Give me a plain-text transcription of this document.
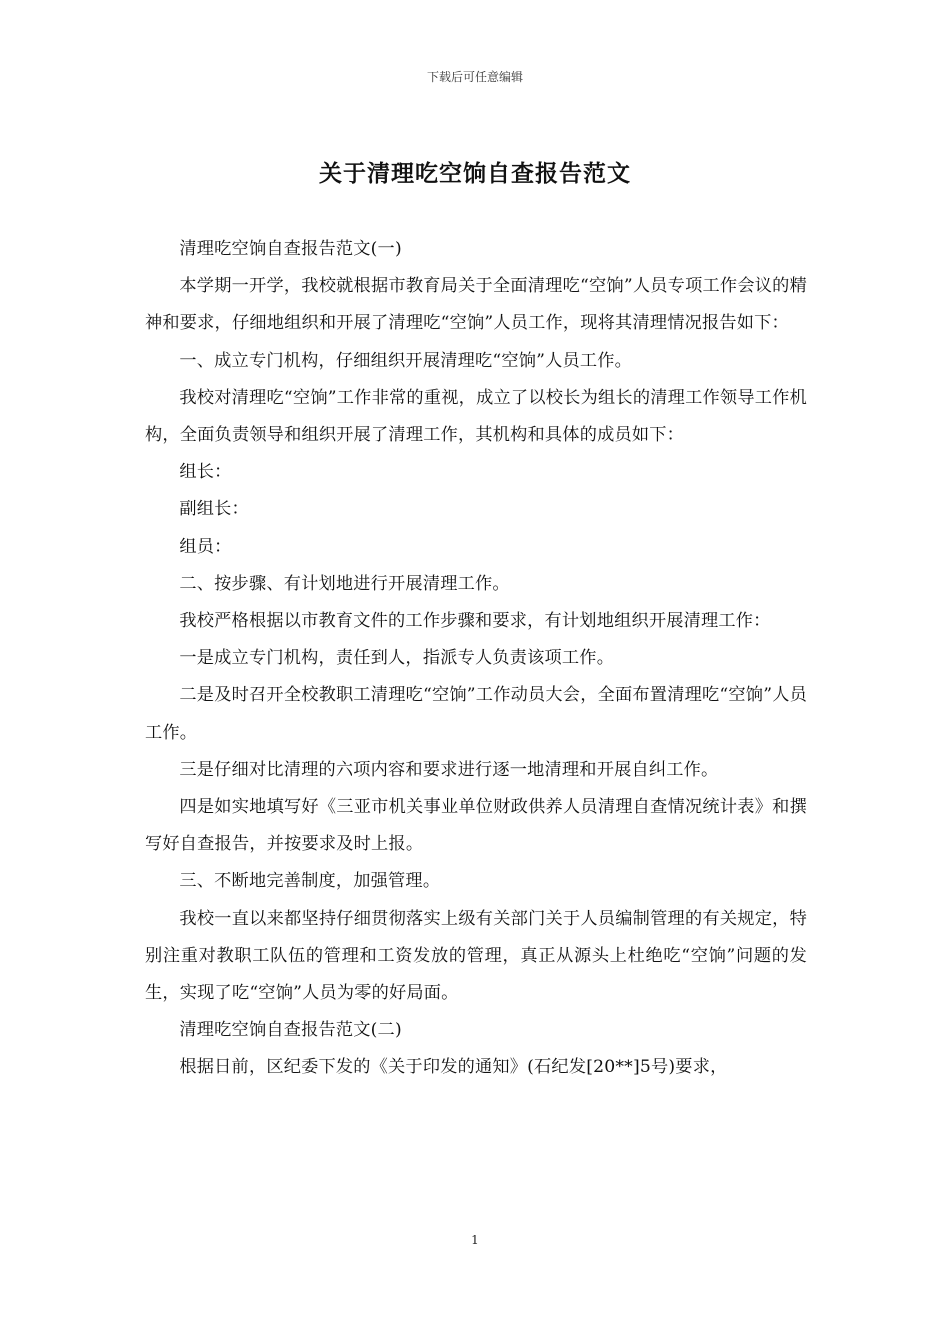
下载后可任意编辑
关于清理吃空饷自查报告范文

清理吃空饷自查报告范文(一)

本学期一开学，我校就根据市教育局关于全面清理吃“空饷”人员专项工作会议的精神和要求，仔细地组织和开展了清理吃“空饷”人员工作，现将其清理情况报告如下：

一、成立专门机构，仔细组织开展清理吃“空饷”人员工作。

我校对清理吃“空饷”工作非常的重视，成立了以校长为组长的清理工作领导工作机构，全面负责领导和组织开展了清理工作，其机构和具体的成员如下：

组长：

副组长：

组员：

二、按步骤、有计划地进行开展清理工作。

我校严格根据以市教育文件的工作步骤和要求，有计划地组织开展清理工作：

一是成立专门机构，责任到人，指派专人负责该项工作。

二是及时召开全校教职工清理吃“空饷”工作动员大会，全面布置清理吃“空饷”人员工作。

三是仔细对比清理的六项内容和要求进行逐一地清理和开展自纠工作。

四是如实地填写好《三亚市机关事业单位财政供养人员清理自查情况统计表》和撰写好自查报告，并按要求及时上报。

三、不断地完善制度，加强管理。

我校一直以来都坚持仔细贯彻落实上级有关部门关于人员编制管理的有关规定，特别注重对教职工队伍的管理和工资发放的管理，真正从源头上杜绝吃“空饷”问题的发生，实现了吃“空饷”人员为零的好局面。

清理吃空饷自查报告范文(二)

根据日前，区纪委下发的《关于印发的通知》(石纪发[20**]5号)要求，

1
